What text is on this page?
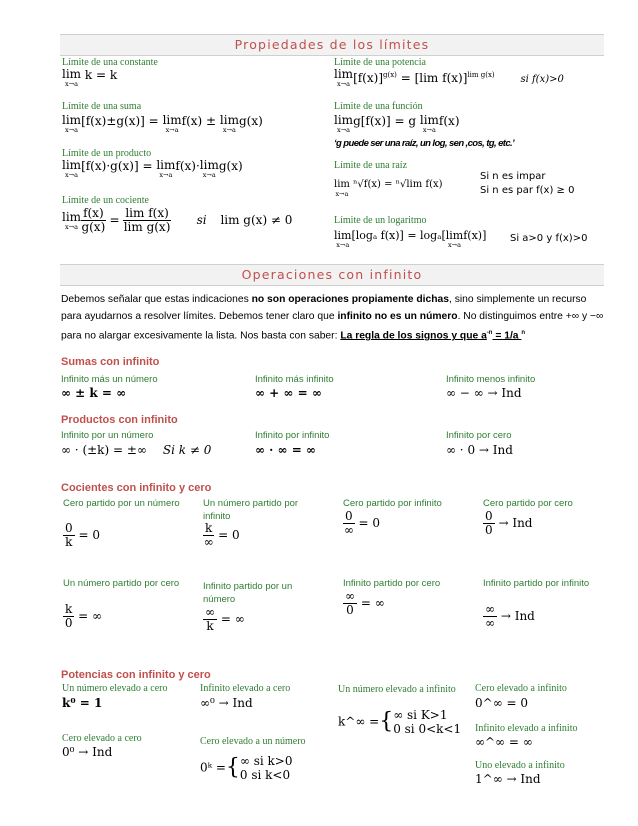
Propiedades de los límites
Límite de una constante
lim
x→a
k = k
Límite de una suma
lim
x→a
[f(x)±g(x)] = lim
x→a
f(x) ± lim
x→a
g(x)
Límite de un producto
lim
x→a
[f(x)·g(x)] = lim
x→a
f(x)·lim
x→a
g(x)
Límite de un cociente
lim
$x\to a \frac{f(x)}{g(x)} = \frac{\text{lim f(x)}}{\text{lim g(x)}}$ si lim g(x) ≠ 0
Límite de una potencia
lim
x→a $[f(x)]^{g(x)} = [\lim$ f(x)]$^{lim g(x)}$	si f(x)>0
Límite de una función
lim
x→a
g[f(x)] = g lim
x→a
f(x)
‘g puede ser una raíz, un log, sen ,cos, tg, etc.’
Límite de una raíz
lim
x→a
ⁿ√f(x) = ⁿ√lim f(x)
Si n es impar
Si n es par f(x) ≥ 0
Límite de un logaritmo
lim
x→a
[logₐ f(x)] = logₐ[lim
x→a
f(x)] Si a>0 y f(x)>0
Operaciones con infinito
Debemos señalar que estas indicaciones no son operaciones propiamente dichas, sino simplemente un recurso para ayudarnos a resolver límites. Debemos tener claro que infinito no es un número. No distinguimos entre +∞ y −∞ para no alargar excesivamente la lista. Nos basta con saber: La regla de los signos y que $a^{-n} = 1/a$ $^n$
Sumas con infinito
Infinito más un número
∞ ± k = ∞
Infinito más infinito
∞ + ∞ = ∞
Infinito menos infinito
∞ − ∞ → Ind
Productos con infinito
Infinito por un número
∞ · (±k) = ±∞ Si k ≠ 0
Infinito por infinito
∞ · ∞ = ∞
Infinito por cero
∞ · 0 → Ind
Cocientes con infinito y cero
Cero partido por un número
$\frac{0}{k} = 0$
Un número partido por infinito
$\frac{k}{\infty} = 0$
Cero partido por infinito
$\frac{0}{\infty} = 0$
Cero partido por cero
$\frac{0}{0}$ → Ind
Un número partido por cero
$\frac{k}{0}$ = ∞
Infinito partido por un número
$\frac{\infty}{k}$ = ∞
Infinito partido por cero
$\frac{\infty}{0}$ = ∞
Infinito partido por infinito
$\frac{\infty}{\infty}$ → Ind
Potencias con infinito y cero
Un número elevado a cero
k⁰ = 1
Infinito elevado a cero
∞⁰ → Ind
Un número elevado a infinito
k^∞ ={ ∞ si K>1
0 si 0<k<1
Cero elevado a infinito
0^∞ = 0
Cero elevado a cero
0⁰ → Ind
Cero elevado a un número
0ᵏ ={ ∞ si k>0
0 si k<0
Infinito elevado a infinito
∞^∞ = ∞
Uno elevado a infinito
1^∞ → Ind
